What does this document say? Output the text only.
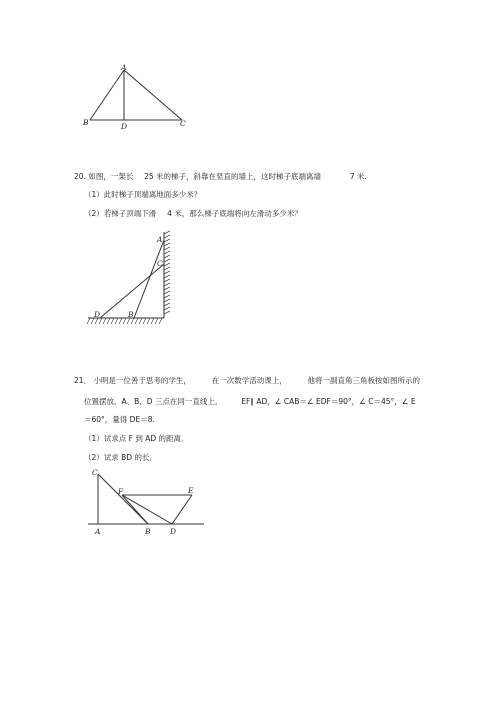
A
B	D	C
20. 如图，一架长 25 米的梯子，斜靠在竖直的墙上，这时梯子底端离墙	7 米.
（1）此时梯子顶端离地面多少米？
（2）若梯子顶端下滑 4 米，那么梯子底端将向左滑动多少米？
A
C
D	B
21． 小明是一位善于思考的学生，	在一次数学活动课上，	他将一副直角三角板按如图所示的
位置摆放，A、B、D 三点在同一直线上，	EF∥ AD，∠ CAB＝∠ EDF＝90°，∠ C＝45°，∠ E
＝60°，量得 DE＝8.
（1）试求点 F 到 AD 的距离．
（2）试求 BD 的长．
C
F	E
A	B	D
